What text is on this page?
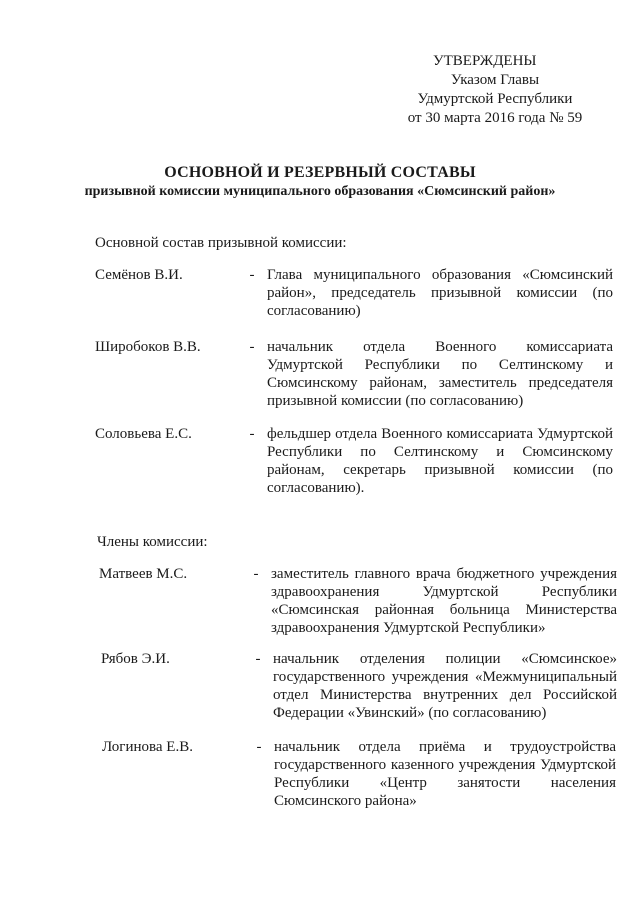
УТВЕРЖДЕНЫ
Указом Главы
Удмуртской Республики
от 30 марта 2016 года № 59
ОСНОВНОЙ И РЕЗЕРВНЫЙ СОСТАВЫ
призывной комиссии муниципального образования «Сюмсинский район»
Основной состав призывной комиссии:
Семёнов В.И.	- Глава муниципального образования «Сюмсинский район», председатель призывной комиссии (по согласованию)
Широбоков В.В.	- начальник отдела Военного комиссариата Удмуртской Республики по Селтинскому и Сюмсинскому районам, заместитель председателя призывной комиссии (по согласованию)
Соловьева Е.С.	- фельдшер отдела Военного комиссариата Удмуртской Республики по Селтинскому и Сюмсинскому районам, секретарь призывной комиссии (по согласованию).
Члены комиссии:
Матвеев М.С.	- заместитель главного врача бюджетного учреждения здравоохранения Удмуртской Республики «Сюмсинская районная больница Министерства здравоохранения Удмуртской Республики»
Рябов Э.И.	- начальник отделения полиции «Сюмсинское» государственного учреждения «Межмуниципальный отдел Министерства внутренних дел Российской Федерации «Увинский» (по согласованию)
Логинова Е.В.	- начальник отдела приёма и трудоустройства государственного казенного учреждения Удмуртской Республики «Центр занятости населения Сюмсинского района»
